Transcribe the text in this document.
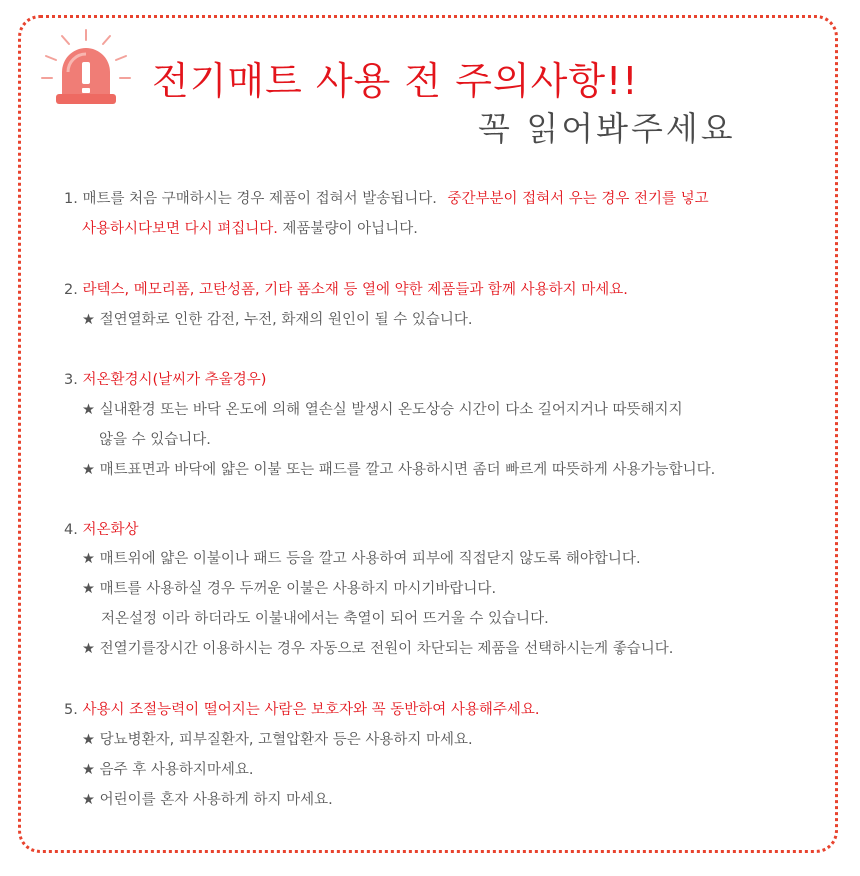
전기매트 사용 전 주의사항!!
꼭 읽어봐주세요
1. 매트를 처음 구매하시는 경우 제품이 접혀서 발송됩니다. 중간부분이 접혀서 우는 경우 전기를 넣고
사용하시다보면 다시 펴집니다. 제품불량이 아닙니다.
2. 라텍스, 메모리폼, 고탄성폼, 기타 폼소재 등 열에 약한 제품들과 함께 사용하지 마세요.
★ 절연열화로 인한 감전, 누전, 화재의 원인이 될 수 있습니다.
3. 저온환경시(날씨가 추울경우)
★ 실내환경 또는 바닥 온도에 의해 열손실 발생시 온도상승 시간이 다소 길어지거나 따뜻해지지
않을 수 있습니다.
★ 매트표면과 바닥에 얇은 이불 또는 패드를 깔고 사용하시면 좀더 빠르게 따뜻하게 사용가능합니다.
4. 저온화상
★ 매트위에 얇은 이불이나 패드 등을 깔고 사용하여 피부에 직접닫지 않도록 해야합니다.
★ 매트를 사용하실 경우 두꺼운 이불은 사용하지 마시기바랍니다.
저온설정 이라 하더라도 이불내에서는 축열이 되어 뜨거울 수 있습니다.
★ 전열기를장시간 이용하시는 경우 자동으로 전원이 차단되는 제품을 선택하시는게 좋습니다.
5. 사용시 조절능력이 떨어지는 사람은 보호자와 꼭 동반하여 사용해주세요.
★ 당뇨병환자, 피부질환자, 고혈압환자 등은 사용하지 마세요.
★ 음주 후 사용하지마세요.
★ 어린이를 혼자 사용하게 하지 마세요.
